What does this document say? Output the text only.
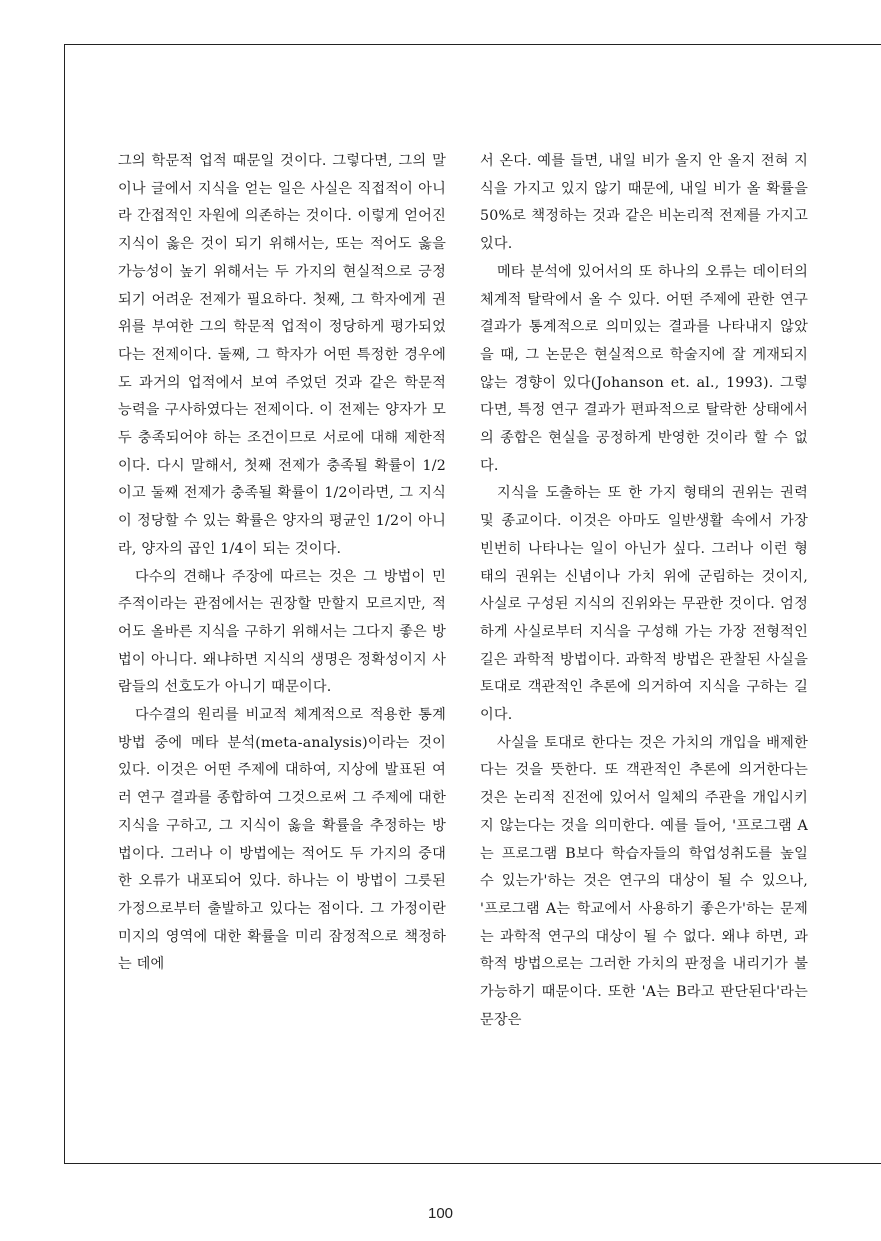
그의 학문적 업적 때문일 것이다. 그렇다면, 그의 말이나 글에서 지식을 얻는 일은 사실은 직접적이 아니라 간접적인 자원에 의존하는 것이다. 이렇게 얻어진 지식이 옳은 것이 되기 위해서는, 또는 적어도 옳을 가능성이 높기 위해서는 두 가지의 현실적으로 긍정되기 어려운 전제가 필요하다. 첫째, 그 학자에게 권위를 부여한 그의 학문적 업적이 정당하게 평가되었다는 전제이다. 둘째, 그 학자가 어떤 특정한 경우에도 과거의 업적에서 보여 주었던 것과 같은 학문적 능력을 구사하였다는 전제이다. 이 전제는 양자가 모두 충족되어야 하는 조건이므로 서로에 대해 제한적이다. 다시 말해서, 첫째 전제가 충족될 확률이 1/2이고 둘째 전제가 충족될 확률이 1/2이라면, 그 지식이 정당할 수 있는 확률은 양자의 평균인 1/2이 아니라, 양자의 곱인 1/4이 되는 것이다.

다수의 견해나 주장에 따르는 것은 그 방법이 민주적이라는 관점에서는 권장할 만할지 모르지만, 적어도 올바른 지식을 구하기 위해서는 그다지 좋은 방법이 아니다. 왜냐하면 지식의 생명은 정확성이지 사람들의 선호도가 아니기 때문이다.

다수결의 원리를 비교적 체계적으로 적용한 통계 방법 중에 메타 분석(meta-analysis)이라는 것이 있다. 이것은 어떤 주제에 대하여, 지상에 발표된 여러 연구 결과를 종합하여 그것으로써 그 주제에 대한 지식을 구하고, 그 지식이 옳을 확률을 추정하는 방법이다. 그러나 이 방법에는 적어도 두 가지의 중대한 오류가 내포되어 있다. 하나는 이 방법이 그릇된 가정으로부터 출발하고 있다는 점이다. 그 가정이란 미지의 영역에 대한 확률을 미리 잠정적으로 책정하는 데에

서 온다. 예를 들면, 내일 비가 올지 안 올지 전혀 지식을 가지고 있지 않기 때문에, 내일 비가 올 확률을 50%로 책정하는 것과 같은 비논리적 전제를 가지고 있다.

메타 분석에 있어서의 또 하나의 오류는 데이터의 체계적 탈락에서 올 수 있다. 어떤 주제에 관한 연구 결과가 통계적으로 의미있는 결과를 나타내지 않았을 때, 그 논문은 현실적으로 학술지에 잘 게재되지 않는 경향이 있다(Johanson et. al., 1993). 그렇다면, 특정 연구 결과가 편파적으로 탈락한 상태에서의 종합은 현실을 공정하게 반영한 것이라 할 수 없다.

지식을 도출하는 또 한 가지 형태의 권위는 권력 및 종교이다. 이것은 아마도 일반생활 속에서 가장 빈번히 나타나는 일이 아닌가 싶다. 그러나 이런 형태의 권위는 신념이나 가치 위에 군림하는 것이지, 사실로 구성된 지식의 진위와는 무관한 것이다. 엄정하게 사실로부터 지식을 구성해 가는 가장 전형적인 길은 과학적 방법이다. 과학적 방법은 관찰된 사실을 토대로 객관적인 추론에 의거하여 지식을 구하는 길이다.

사실을 토대로 한다는 것은 가치의 개입을 배제한다는 것을 뜻한다. 또 객관적인 추론에 의거한다는 것은 논리적 진전에 있어서 일체의 주관을 개입시키지 않는다는 것을 의미한다. 예를 들어, '프로그램 A는 프로그램 B보다 학습자들의 학업성취도를 높일 수 있는가'하는 것은 연구의 대상이 될 수 있으나, '프로그램 A는 학교에서 사용하기 좋은가'하는 문제는 과학적 연구의 대상이 될 수 없다. 왜냐 하면, 과학적 방법으로는 그러한 가치의 판정을 내리기가 불가능하기 때문이다. 또한 'A는 B라고 판단된다'라는 문장은

100
